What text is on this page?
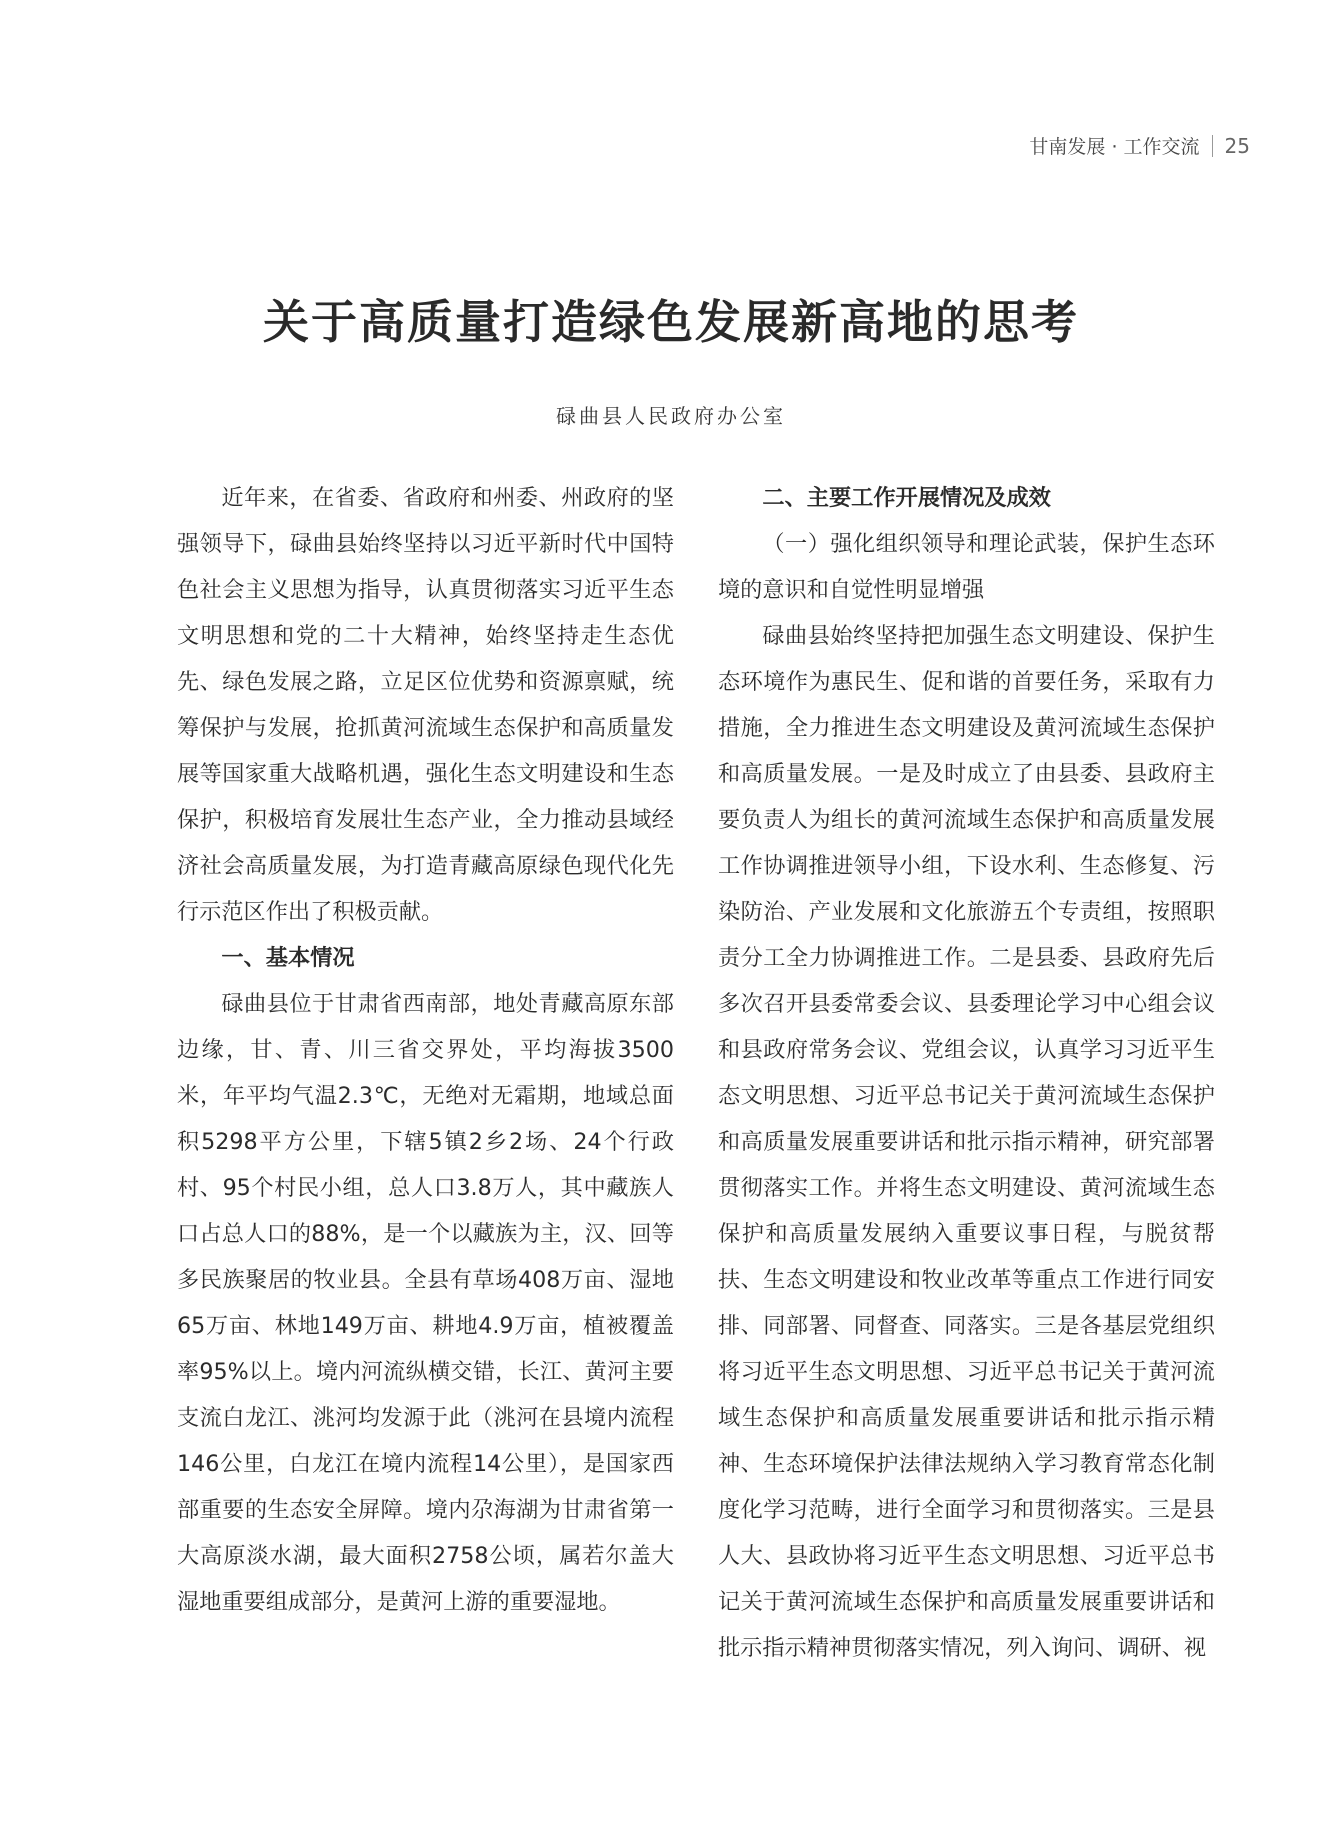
甘南发展 · 工作交流 25
关于高质量打造绿色发展新高地的思考
碌曲县人民政府办公室

近年来，在省委、省政府和州委、州政府的坚强领导下，碌曲县始终坚持以习近平新时代中国特色社会主义思想为指导，认真贯彻落实习近平生态文明思想和党的二十大精神，始终坚持走生态优先、绿色发展之路，立足区位优势和资源禀赋，统筹保护与发展，抢抓黄河流域生态保护和高质量发展等国家重大战略机遇，强化生态文明建设和生态保护，积极培育发展壮生态产业，全力推动县域经济社会高质量发展，为打造青藏高原绿色现代化先行示范区作出了积极贡献。

一、基本情况

碌曲县位于甘肃省西南部，地处青藏高原东部边缘，甘、青、川三省交界处，平均海拔3500米，年平均气温2.3℃，无绝对无霜期，地域总面积5298平方公里，下辖5镇2乡2场、24个行政村、95个村民小组，总人口3.8万人，其中藏族人口占总人口的88%，是一个以藏族为主，汉、回等多民族聚居的牧业县。全县有草场408万亩、湿地65万亩、林地149万亩、耕地4.9万亩，植被覆盖率95%以上。境内河流纵横交错，长江、黄河主要支流白龙江、洮河均发源于此（洮河在县境内流程146公里，白龙江在境内流程14公里），是国家西部重要的生态安全屏障。境内尕海湖为甘肃省第一大高原淡水湖，最大面积2758公顷，属若尔盖大湿地重要组成部分，是黄河上游的重要湿地。

二、主要工作开展情况及成效

（一）强化组织领导和理论武装，保护生态环境的意识和自觉性明显增强

碌曲县始终坚持把加强生态文明建设、保护生态环境作为惠民生、促和谐的首要任务，采取有力措施，全力推进生态文明建设及黄河流域生态保护和高质量发展。一是及时成立了由县委、县政府主要负责人为组长的黄河流域生态保护和高质量发展工作协调推进领导小组，下设水利、生态修复、污染防治、产业发展和文化旅游五个专责组，按照职责分工全力协调推进工作。二是县委、县政府先后多次召开县委常委会议、县委理论学习中心组会议和县政府常务会议、党组会议，认真学习习近平生态文明思想、习近平总书记关于黄河流域生态保护和高质量发展重要讲话和批示指示精神，研究部署贯彻落实工作。并将生态文明建设、黄河流域生态保护和高质量发展纳入重要议事日程，与脱贫帮扶、生态文明建设和牧业改革等重点工作进行同安排、同部署、同督查、同落实。三是各基层党组织将习近平生态文明思想、习近平总书记关于黄河流域生态保护和高质量发展重要讲话和批示指示精神、生态环境保护法律法规纳入学习教育常态化制度化学习范畴，进行全面学习和贯彻落实。三是县人大、县政协将习近平生态文明思想、习近平总书记关于黄河流域生态保护和高质量发展重要讲话和批示指示精神贯彻落实情况，列入询问、调研、视
